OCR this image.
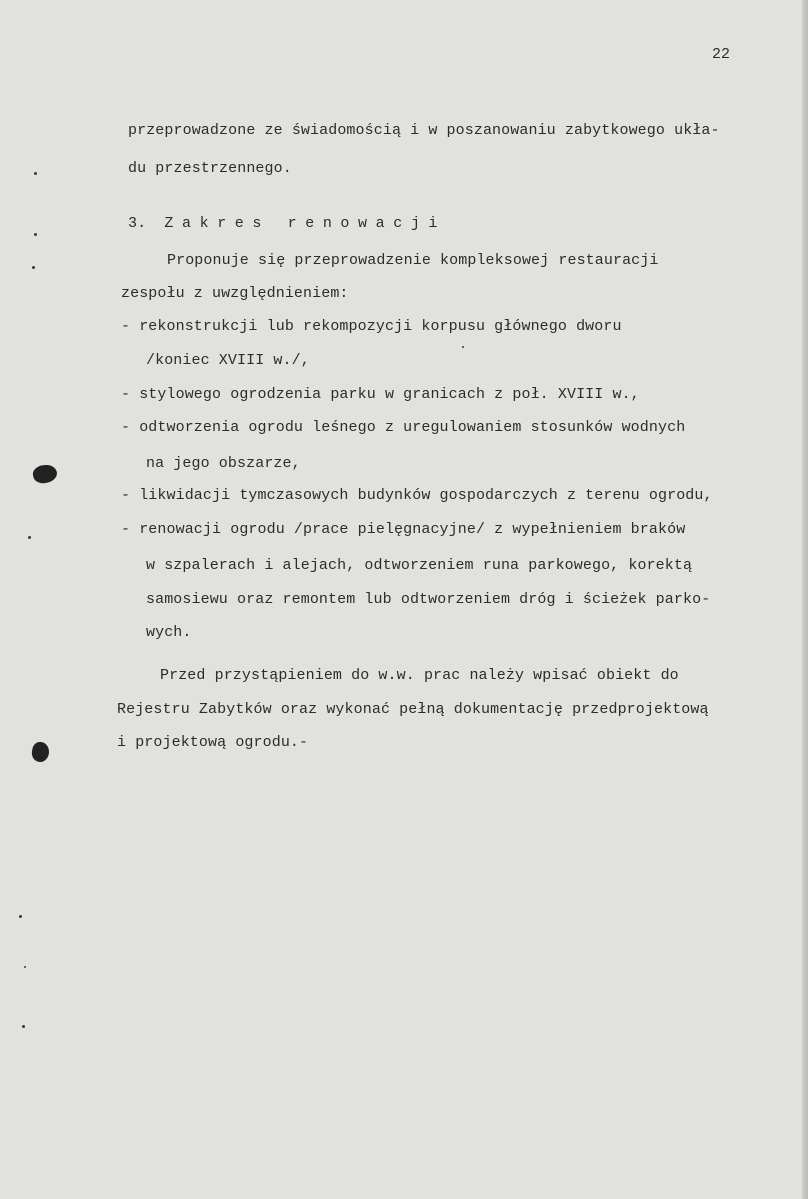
22

przeprowadzone ze świadomością i w poszanowaniu zabytkowego ukła-

du przestrzennego.

3. Zakres renowacji

Proponuje się przeprowadzenie kompleksowej restauracji

zespołu z uwzględnieniem:

- rekonstrukcji lub rekompozycji korpusu głównego dworu

/koniec XVIII w./,

- stylowego ogrodzenia parku w granicach z poł. XVIII w.,

- odtworzenia ogrodu leśnego z uregulowaniem stosunków wodnych

na jego obszarze,

- likwidacji tymczasowych budynków gospodarczych z terenu ogrodu,

- renowacji ogrodu /prace pielęgnacyjne/ z wypełnieniem braków

w szpalerach i alejach, odtworzeniem runa parkowego, korektą

samosiewu oraz remontem lub odtworzeniem dróg i ścieżek parko-

wych.

Przed przystąpieniem do w.w. prac należy wpisać obiekt do

Rejestru Zabytków oraz wykonać pełną dokumentację przedprojektową

i projektową ogrodu.-
